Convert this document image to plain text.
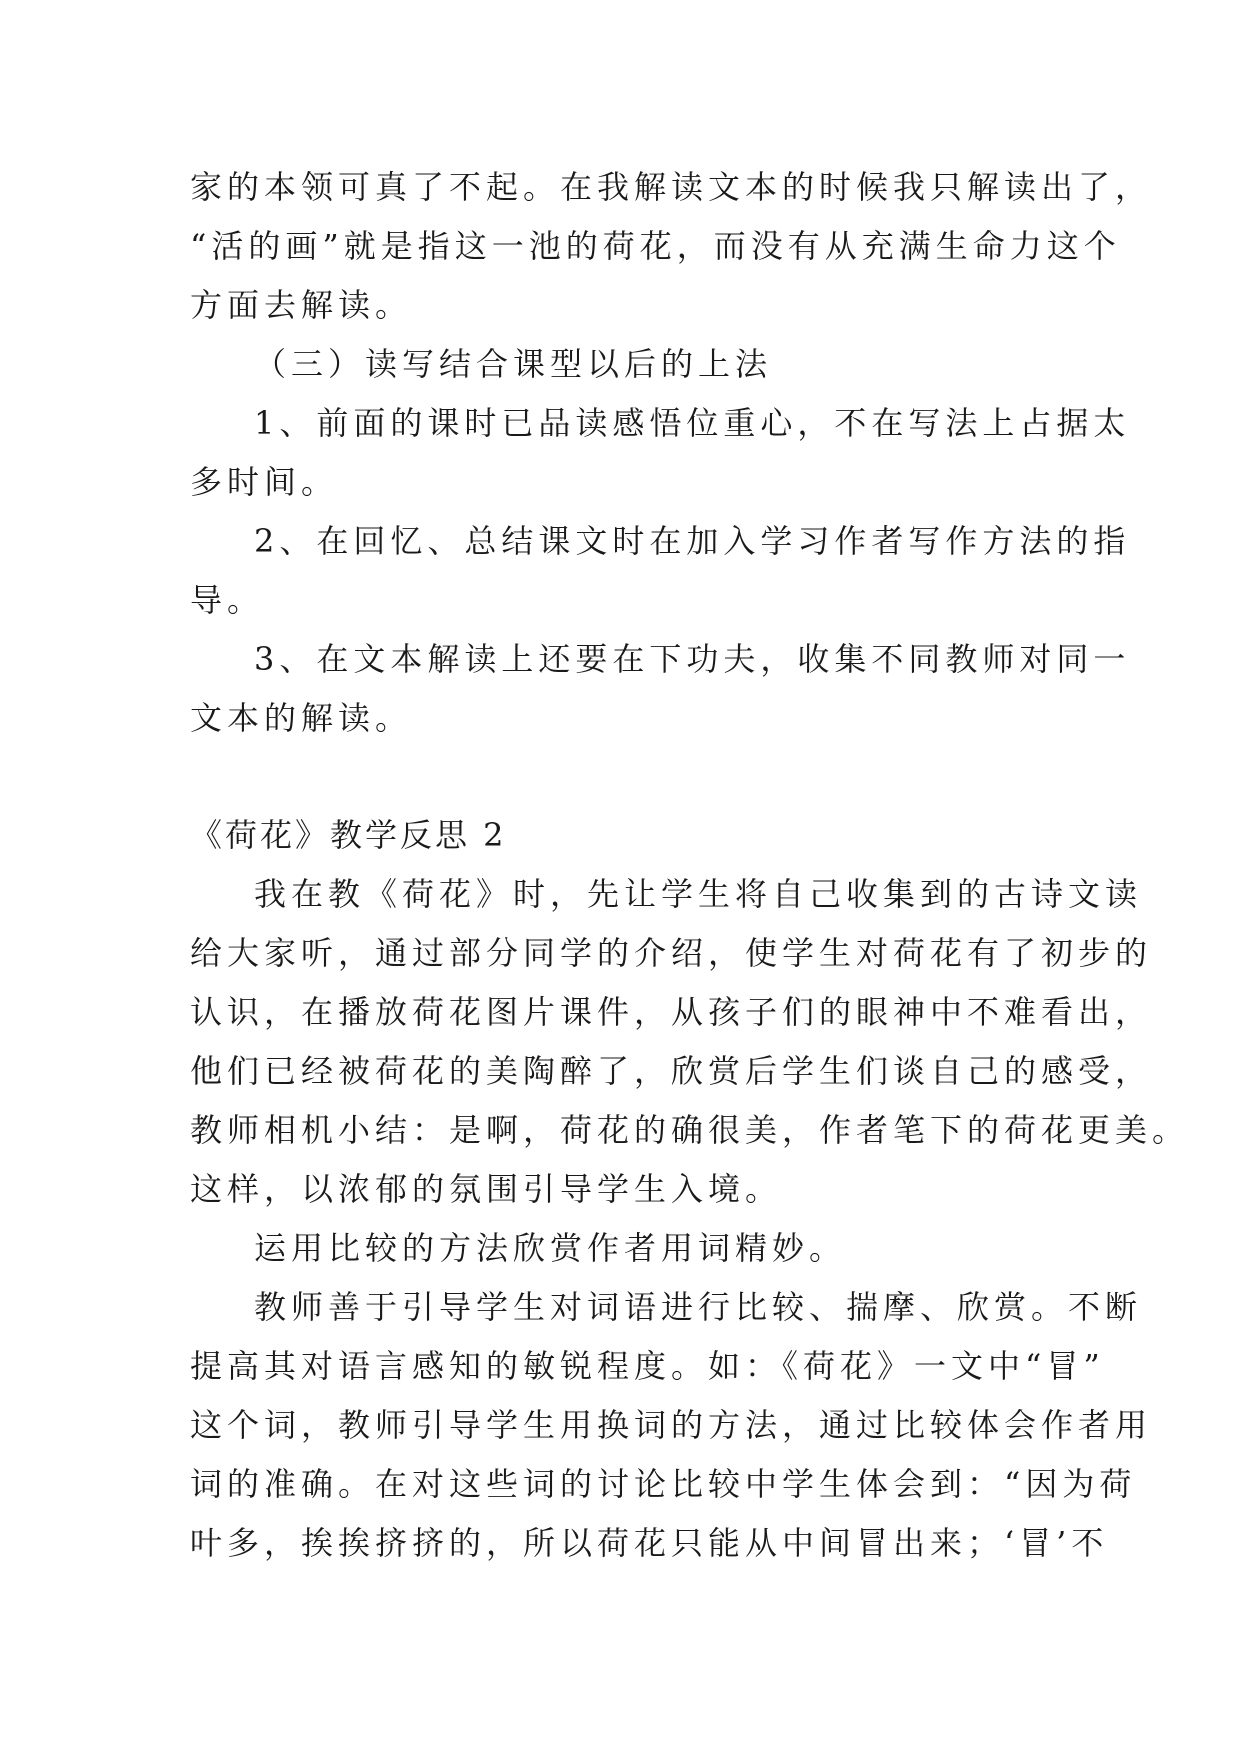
家的本领可真了不起。在我解读文本的时候我只解读出了，
“活的画”就是指这一池的荷花，而没有从充满生命力这个
方面去解读。
（三）读写结合课型以后的上法
1、前面的课时已品读感悟位重心，不在写法上占据太
多时间。
2、在回忆、总结课文时在加入学习作者写作方法的指
导。
3、在文本解读上还要在下功夫，收集不同教师对同一
文本的解读。
《荷花》教学反思 2
我在教《荷花》时，先让学生将自己收集到的古诗文读
给大家听，通过部分同学的介绍，使学生对荷花有了初步的
认识，在播放荷花图片课件，从孩子们的眼神中不难看出，
他们已经被荷花的美陶醉了，欣赏后学生们谈自己的感受，
教师相机小结：是啊，荷花的确很美，作者笔下的荷花更美。
这样，以浓郁的氛围引导学生入境。
运用比较的方法欣赏作者用词精妙。
教师善于引导学生对词语进行比较、揣摩、欣赏。不断
提高其对语言感知的敏锐程度。如：《荷花》一文中“冒”
这个词，教师引导学生用换词的方法，通过比较体会作者用
词的准确。在对这些词的讨论比较中学生体会到：“因为荷
叶多，挨挨挤挤的，所以荷花只能从中间冒出来；‘冒’不
